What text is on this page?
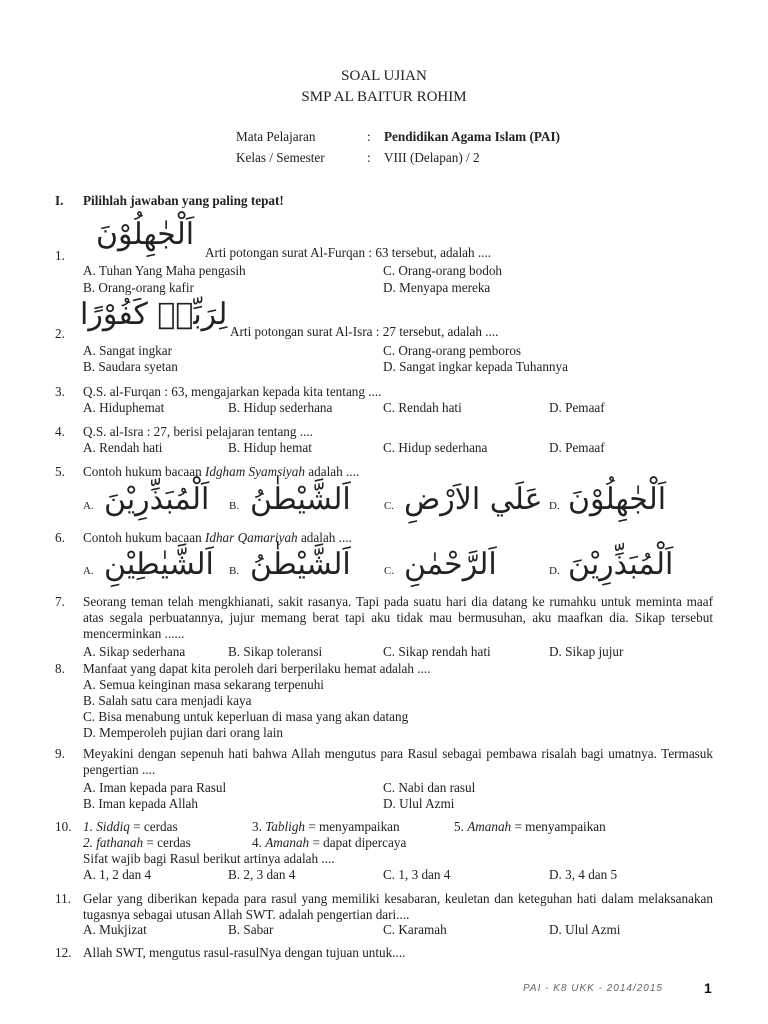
SOAL UJIAN
SMP AL BAITUR ROHIM
Mata Pelajaran	: Pendidikan Agama Islam (PAI)
Kelas / Semester	: VIII (Delapan) / 2
I. Pilihlah jawaban yang paling tepat!
اَلْجٰهِلُوْنَ
1.	Arti potongan surat Al-Furqan : 63 tersebut, adalah ....
A. Tuhan Yang Maha pengasih	C. Orang-orang bodoh
B. Orang-orang kafir	D. Menyapa mereka
لِرَبِّهٖ كَفُوْرًا
2.	Arti potongan surat Al-Isra : 27 tersebut, adalah ....
A. Sangat ingkar	C. Orang-orang pemboros
B. Saudara syetan	D. Sangat ingkar kepada Tuhannya
3. Q.S. al-Furqan : 63, mengajarkan kepada kita tentang ....
A. Hiduphemat	B. Hidup sederhana	C. Rendah hati	D. Pemaaf
4. Q.S. al-Isra : 27, berisi pelajaran tentang ....
A. Rendah hati	B. Hidup hemat	C. Hidup sederhana	D. Pemaaf
5. Contoh hukum bacaan Idgham Syamsiyah adalah ....
A. اَلْمُبَذِّرِيْنَ B. اَلشَّيْطٰنُ	C. عَلَي الاَرْضِ D. اَلْجٰهِلُوْنَ
6. Contoh hukum bacaan Idhar Qamariyah adalah ....
A. اَلشَّيٰطِيْنِ B. اَلشَّيْطٰنُ	C. اَلرَّحْمٰنِ	D. اَلْمُبَذِّرِيْنَ
7. Seorang teman telah mengkhianati, sakit rasanya. Tapi pada suatu hari dia datang ke rumahku untuk meminta maaf atas segala perbuatannya, jujur memang berat tapi aku tidak mau bermusuhan, aku maafkan dia. Sikap tersebut mencerminkan ......
A. Sikap sederhana	B. Sikap toleransi	C. Sikap rendah hati	D. Sikap jujur
8. Manfaat yang dapat kita peroleh dari berperilaku hemat adalah ....
A. Semua keinginan masa sekarang terpenuhi
B. Salah satu cara menjadi kaya
C. Bisa menabung untuk keperluan di masa yang akan datang
D. Memperoleh pujian dari orang lain
9. Meyakini dengan sepenuh hati bahwa Allah mengutus para Rasul sebagai pembawa risalah bagi umatnya. Termasuk pengertian ....
A. Iman kepada para Rasul	C. Nabi dan rasul
B. Iman kepada Allah	D. Ulul Azmi
10. 1. Siddiq = cerdas	3. Tabligh = menyampaikan	5. Amanah = menyampaikan
2. fathanah = cerdas	4. Amanah = dapat dipercaya
Sifat wajib bagi Rasul berikut artinya adalah ....
A. 1, 2 dan 4	B. 2, 3 dan 4	C. 1, 3 dan 4	D. 3, 4 dan 5
11. Gelar yang diberikan kepada para rasul yang memiliki kesabaran, keuletan dan keteguhan hati dalam melaksanakan tugasnya sebagai utusan Allah SWT. adalah pengertian dari....
A. Mukjizat	B. Sabar	C. Karamah	D. Ulul Azmi
12. Allah SWT, mengutus rasul-rasulNya dengan tujuan untuk....
PAI - K8 UKK - 2014/2015	1
